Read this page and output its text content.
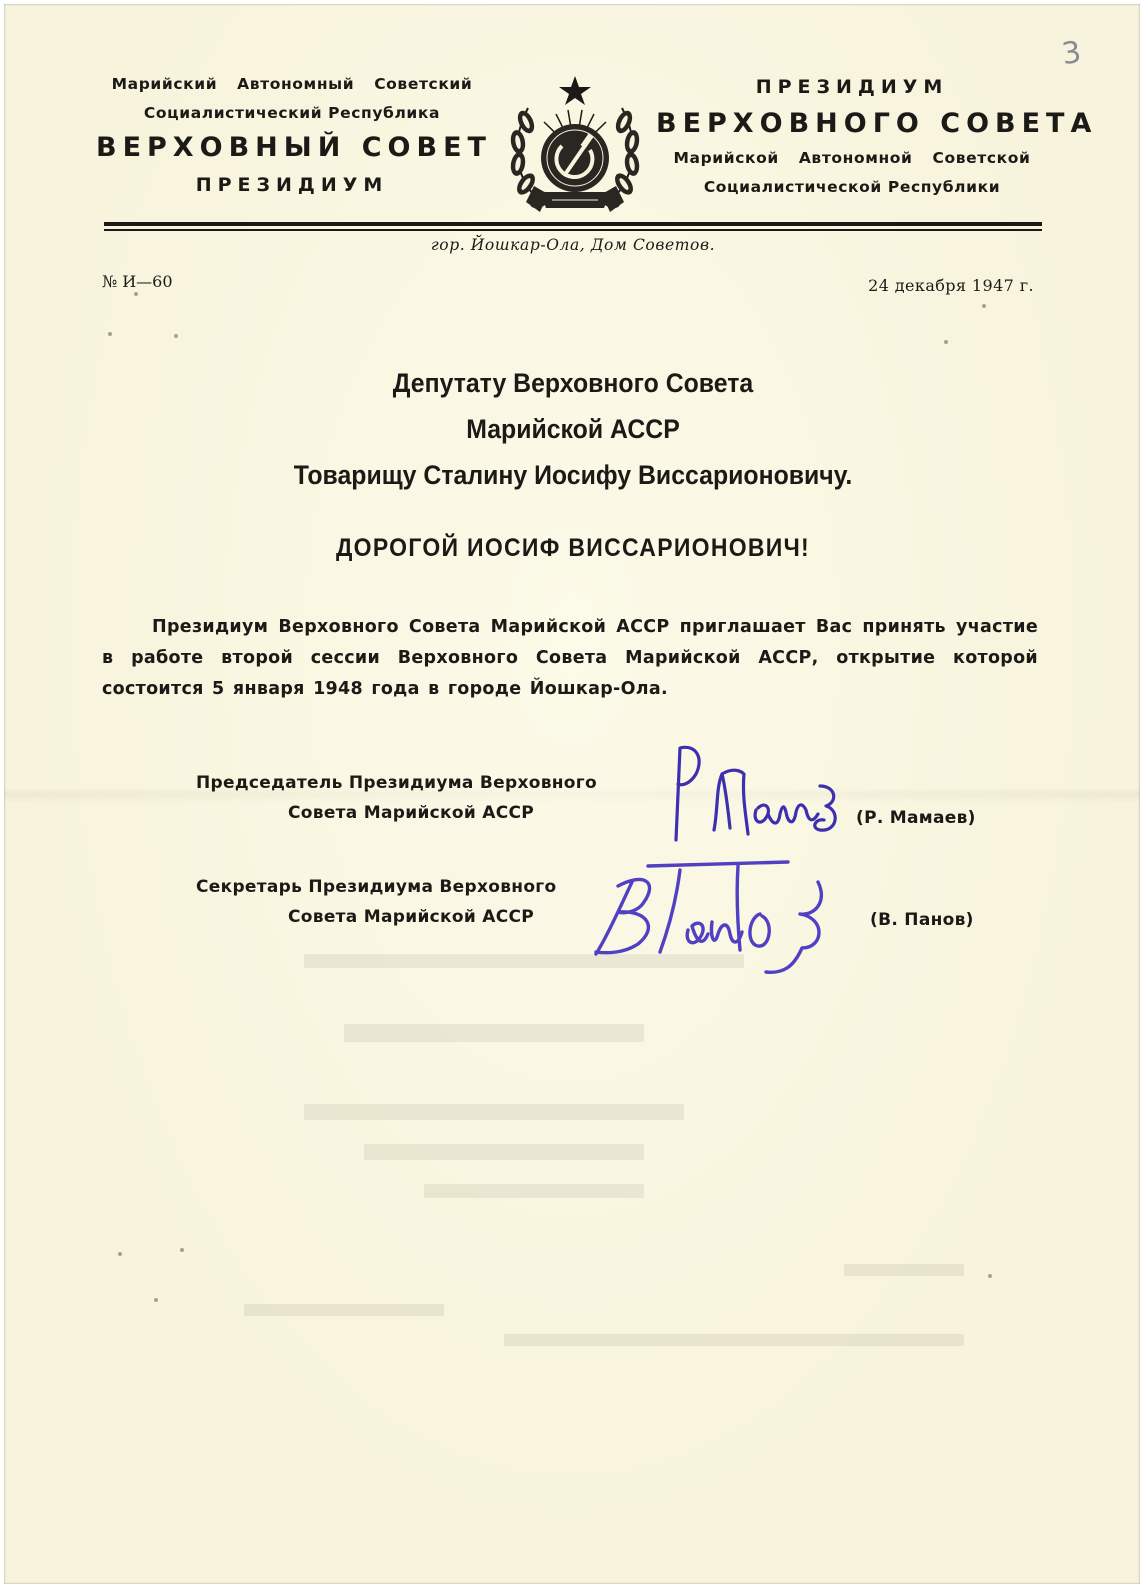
3
Марийский Автономный Советский
Социалистический Республика
ВЕРХОВНЫЙ СОВЕТ
ПРЕЗИДИУМ
ПРЕЗИДИУМ
ВЕРХОВНОГО СОВЕТА
Марийской Автономной Советской
Социалистической Республики
гор. Йошкар-Ола, Дом Советов.
№ И—60	24 декабря 1947 г.
Депутату Верховного Совета
Марийской АССР
Товарищу Сталину Иосифу Виссарионовичу.
ДОРОГОЙ ИОСИФ ВИССАРИОНОВИЧ!
Президиум Верховного Совета Марийской АССР приглашает Вас принять участие в работе второй сессии Верховного Совета Марийской АССР, открытие которой состоится 5 января 1948 года в городе Йошкар-Ола.
Председатель Президиума Верховного
Совета Марийской АССР	(Р. Мамаев)
Секретарь Президиума Верховного
Совета Марийской АССР	(В. Панов)
